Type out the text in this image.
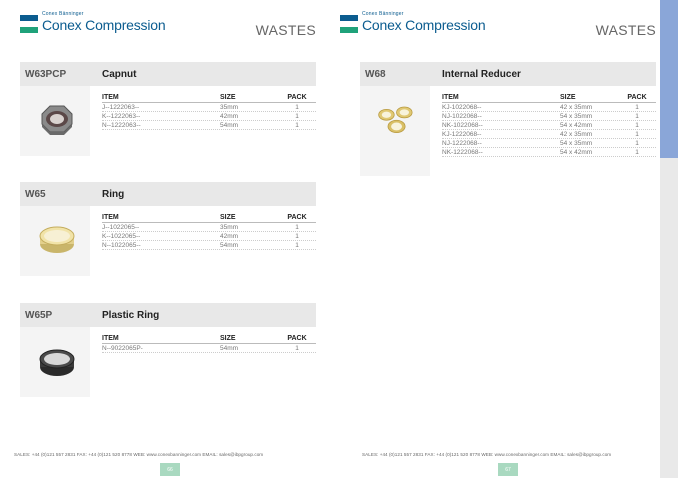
Conex Bänninger
Conex Compression	WASTES
W63PCP	Capnut
ITEM	SIZE	PACK
J--1222063--	35mm	1
K--1222063--	42mm	1
N--1222063--	54mm	1
W65	Ring
ITEM	SIZE	PACK
J--1022065--	35mm	1
K--1022065--	42mm	1
N--1022065--	54mm	1
W65P	Plastic Ring
ITEM	SIZE	PACK
N--9022065P-	54mm	1
SALES: +44 (0)121 557 2831 FAX: +44 (0)121 520 8778 WEB: www.conexbanninger.com EMAIL: sales@ibpgroup.com
66
Conex Bänninger
Conex Compression	WASTES
W68	Internal Reducer
ITEM	SIZE	PACK
KJ-1022068--	42 x 35mm	1
NJ-1022068--	54 x 35mm	1
NK-1022068--	54 x 42mm	1
KJ-1222068--	42 x 35mm	1
NJ-1222068--	54 x 35mm	1
NK-1222068--	54 x 42mm	1
SALES: +44 (0)121 557 2831 FAX: +44 (0)121 520 8778 WEB: www.conexbanninger.com EMAIL: sales@ibpgroup.com
67
